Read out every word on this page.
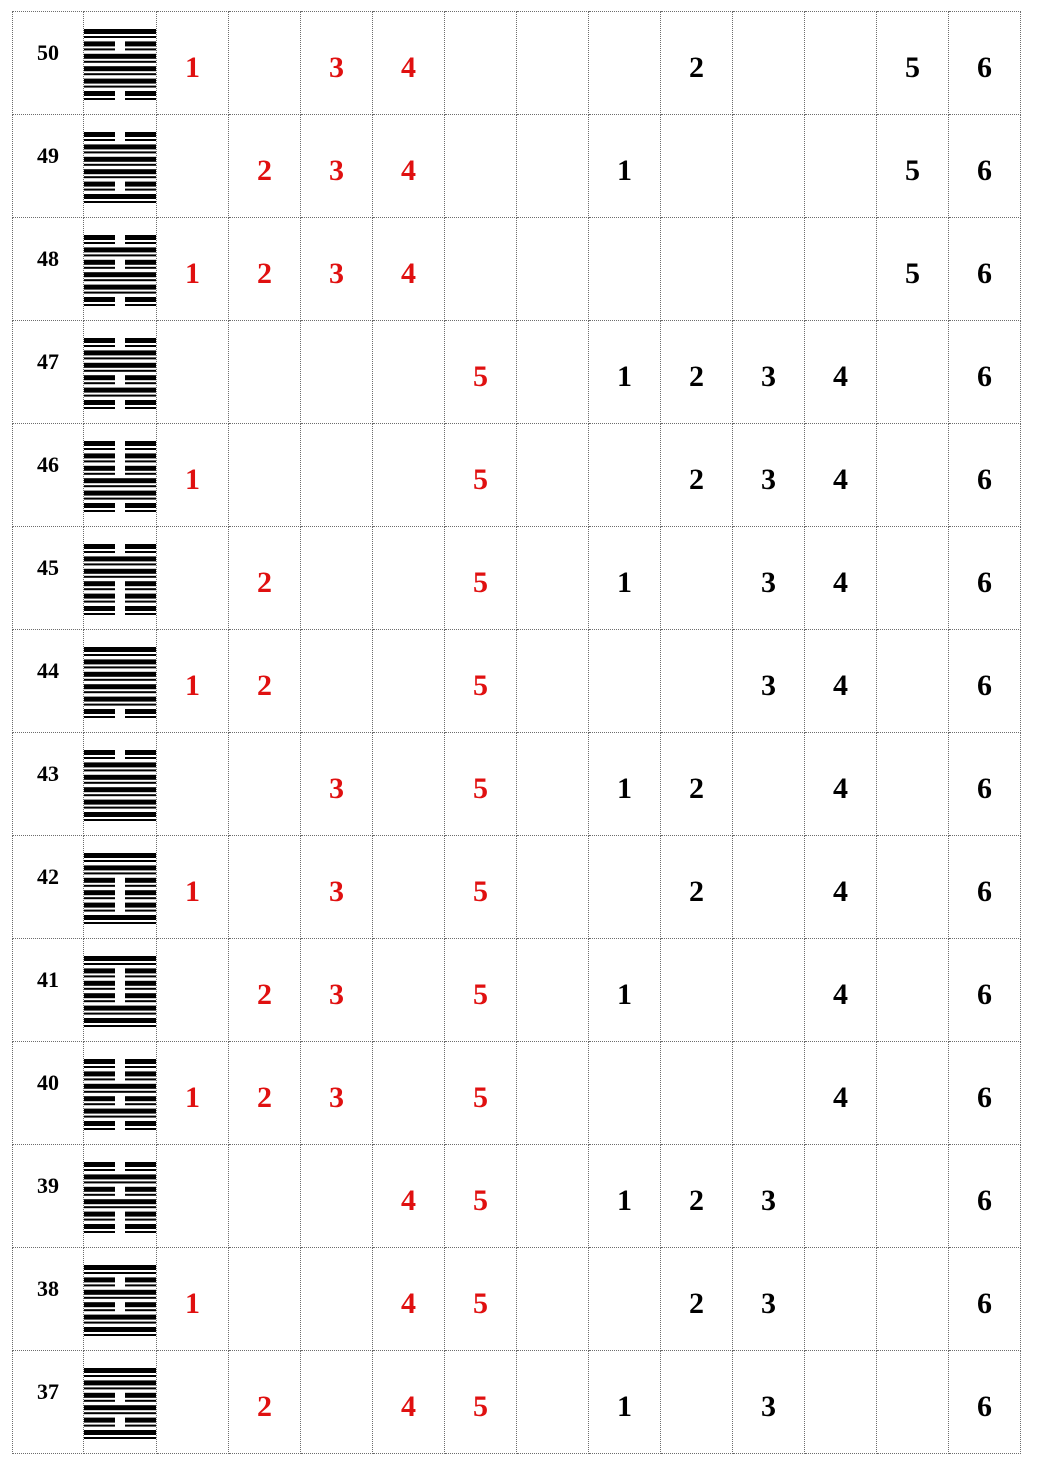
50		1		3	4				2			5	6
49			2	3	4			1				5	6
48		1	2	3	4							5	6
47						5		1	2	3	4		6
46		1				5			2	3	4		6
45			2			5		1		3	4		6
44		1	2			5				3	4		6
43				3		5		1	2		4		6
42		1		3		5			2		4		6
41			2	3		5		1			4		6
40		1	2	3		5					4		6
39					4	5		1	2	3			6
38		1			4	5			2	3			6
37			2		4	5		1		3			6
